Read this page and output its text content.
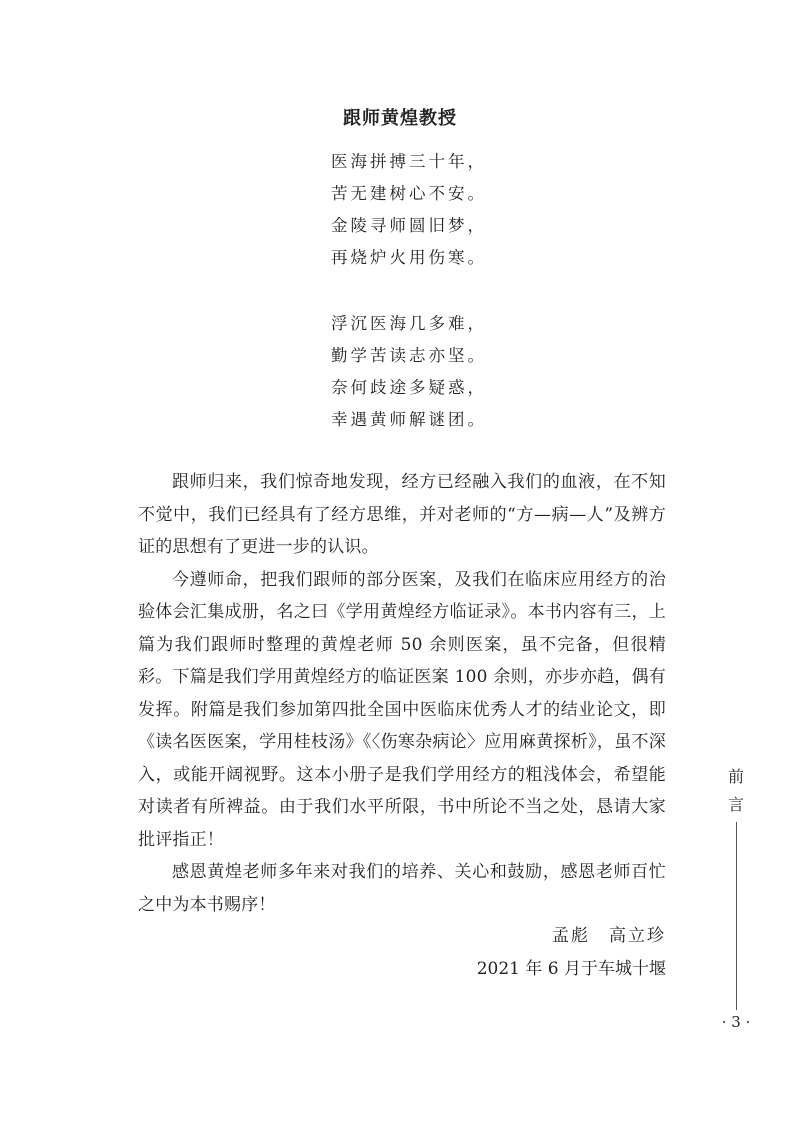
跟师黄煌教授
医海拼搏三十年，
苦无建树心不安。
金陵寻师圆旧梦，
再烧炉火用伤寒。
浮沉医海几多难，
勤学苦读志亦坚。
奈何歧途多疑惑，
幸遇黄师解谜团。

跟师归来，我们惊奇地发现，经方已经融入我们的血液，在不知不觉中，我们已经具有了经方思维，并对老师的“方—病—人”及辨方证的思想有了更进一步的认识。

今遵师命，把我们跟师的部分医案，及我们在临床应用经方的治验体会汇集成册，名之曰《学用黄煌经方临证录》。本书内容有三，上篇为我们跟师时整理的黄煌老师 50 余则医案，虽不完备，但很精彩。下篇是我们学用黄煌经方的临证医案 100 余则，亦步亦趋，偶有发挥。附篇是我们参加第四批全国中医临床优秀人才的结业论文，即《读名医医案，学用桂枝汤》《〈伤寒杂病论〉应用麻黄探析》，虽不深入，或能开阔视野。这本小册子是我们学用经方的粗浅体会，希望能对读者有所裨益。由于我们水平所限，书中所论不当之处，恳请大家批评指正！

感恩黄煌老师多年来对我们的培养、关心和鼓励，感恩老师百忙之中为本书赐序！

孟彪　高立珍
2021 年 6 月于车城十堰
前
言
· 3 ·
